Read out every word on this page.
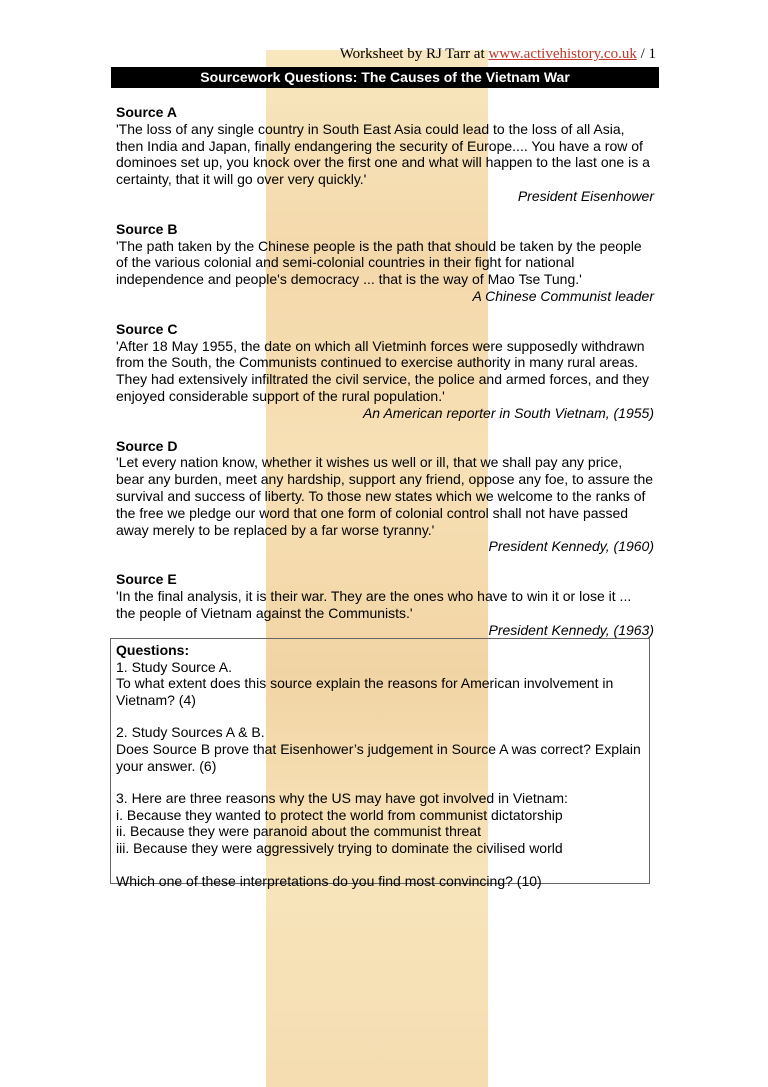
Worksheet by RJ Tarr at www.activehistory.co.uk / 1
Sourcework Questions: The Causes of the Vietnam War
Source A
'The loss of any single country in South East Asia could lead to the loss of all Asia, then India and Japan, finally endangering the security of Europe.... You have a row of dominoes set up, you knock over the first one and what will happen to the last one is a certainty, that it will go over very quickly.'
President Eisenhower
Source B
'The path taken by the Chinese people is the path that should be taken by the people of the various colonial and semi-colonial countries in their fight for national independence and people's democracy ... that is the way of Mao Tse Tung.'
A Chinese Communist leader
Source C
'After 18 May 1955, the date on which all Vietminh forces were supposedly withdrawn from the South, the Communists continued to exercise authority in many rural areas. They had extensively infiltrated the civil service, the police and armed forces, and they enjoyed considerable support of the rural population.'
An American reporter in South Vietnam, (1955)
Source D
'Let every nation know, whether it wishes us well or ill, that we shall pay any price, bear any burden, meet any hardship, support any friend, oppose any foe, to assure the survival and success of liberty. To those new states which we welcome to the ranks of the free we pledge our word that one form of colonial control shall not have passed away merely to be replaced by a far worse tyranny.'
President Kennedy, (1960)
Source E
'In the final analysis, it is their war. They are the ones who have to win it or lose it ... the people of Vietnam against the Communists.'
President Kennedy, (1963)
Questions:
1. Study Source A.
To what extent does this source explain the reasons for American involvement in Vietnam? (4)
2. Study Sources A & B.
Does Source B prove that Eisenhower’s judgement in Source A was correct? Explain your answer. (6)
3. Here are three reasons why the US may have got involved in Vietnam:
i. Because they wanted to protect the world from communist dictatorship
ii. Because they were paranoid about the communist threat
iii. Because they were aggressively trying to dominate the civilised world
Which one of these interpretations do you find most convincing? (10)
